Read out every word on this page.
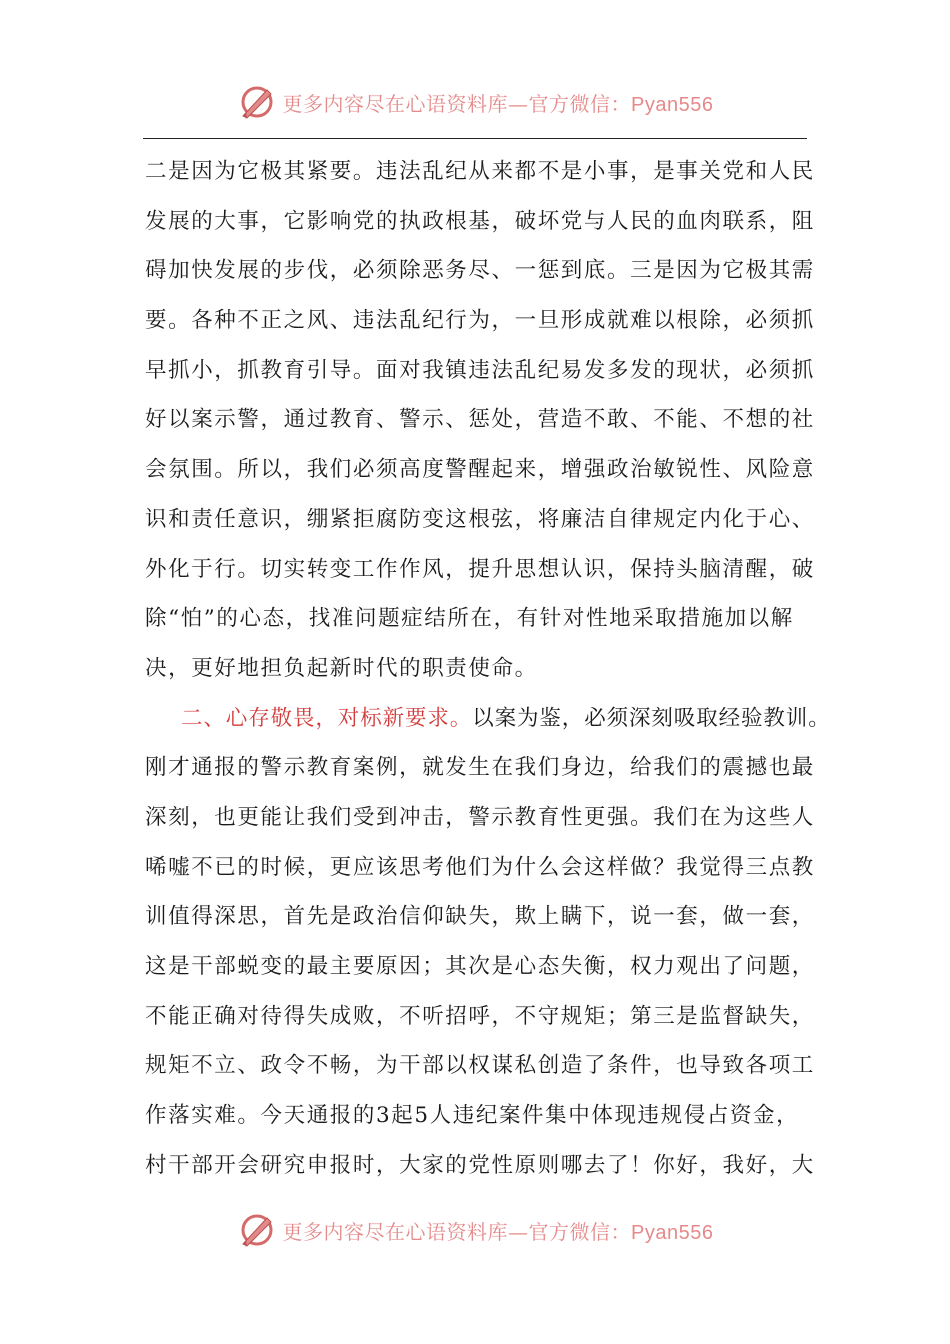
更多内容尽在心语资料库—官方微信：Pyan556
二是因为它极其紧要。违法乱纪从来都不是小事，是事关党和人民
发展的大事，它影响党的执政根基，破坏党与人民的血肉联系，阻
碍加快发展的步伐，必须除恶务尽、一惩到底。三是因为它极其需
要。各种不正之风、违法乱纪行为，一旦形成就难以根除，必须抓
早抓小，抓教育引导。面对我镇违法乱纪易发多发的现状，必须抓
好以案示警，通过教育、警示、惩处，营造不敢、不能、不想的社
会氛围。所以，我们必须高度警醒起来，增强政治敏锐性、风险意
识和责任意识，绷紧拒腐防变这根弦，将廉洁自律规定内化于心、
外化于行。切实转变工作作风，提升思想认识，保持头脑清醒，破
除“怕”的心态，找准问题症结所在，有针对性地采取措施加以解
决，更好地担负起新时代的职责使命。
二、心存敬畏，对标新要求。以案为鉴，必须深刻吸取经验教训。
刚才通报的警示教育案例，就发生在我们身边，给我们的震撼也最
深刻，也更能让我们受到冲击，警示教育性更强。我们在为这些人
唏嘘不已的时候，更应该思考他们为什么会这样做？我觉得三点教
训值得深思，首先是政治信仰缺失，欺上瞒下，说一套，做一套，
这是干部蜕变的最主要原因；其次是心态失衡，权力观出了问题，
不能正确对待得失成败，不听招呼，不守规矩；第三是监督缺失，
规矩不立、政令不畅，为干部以权谋私创造了条件，也导致各项工
作落实难。今天通报的3起5人违纪案件集中体现违规侵占资金，
村干部开会研究申报时，大家的党性原则哪去了！你好，我好，大
更多内容尽在心语资料库—官方微信：Pyan556
